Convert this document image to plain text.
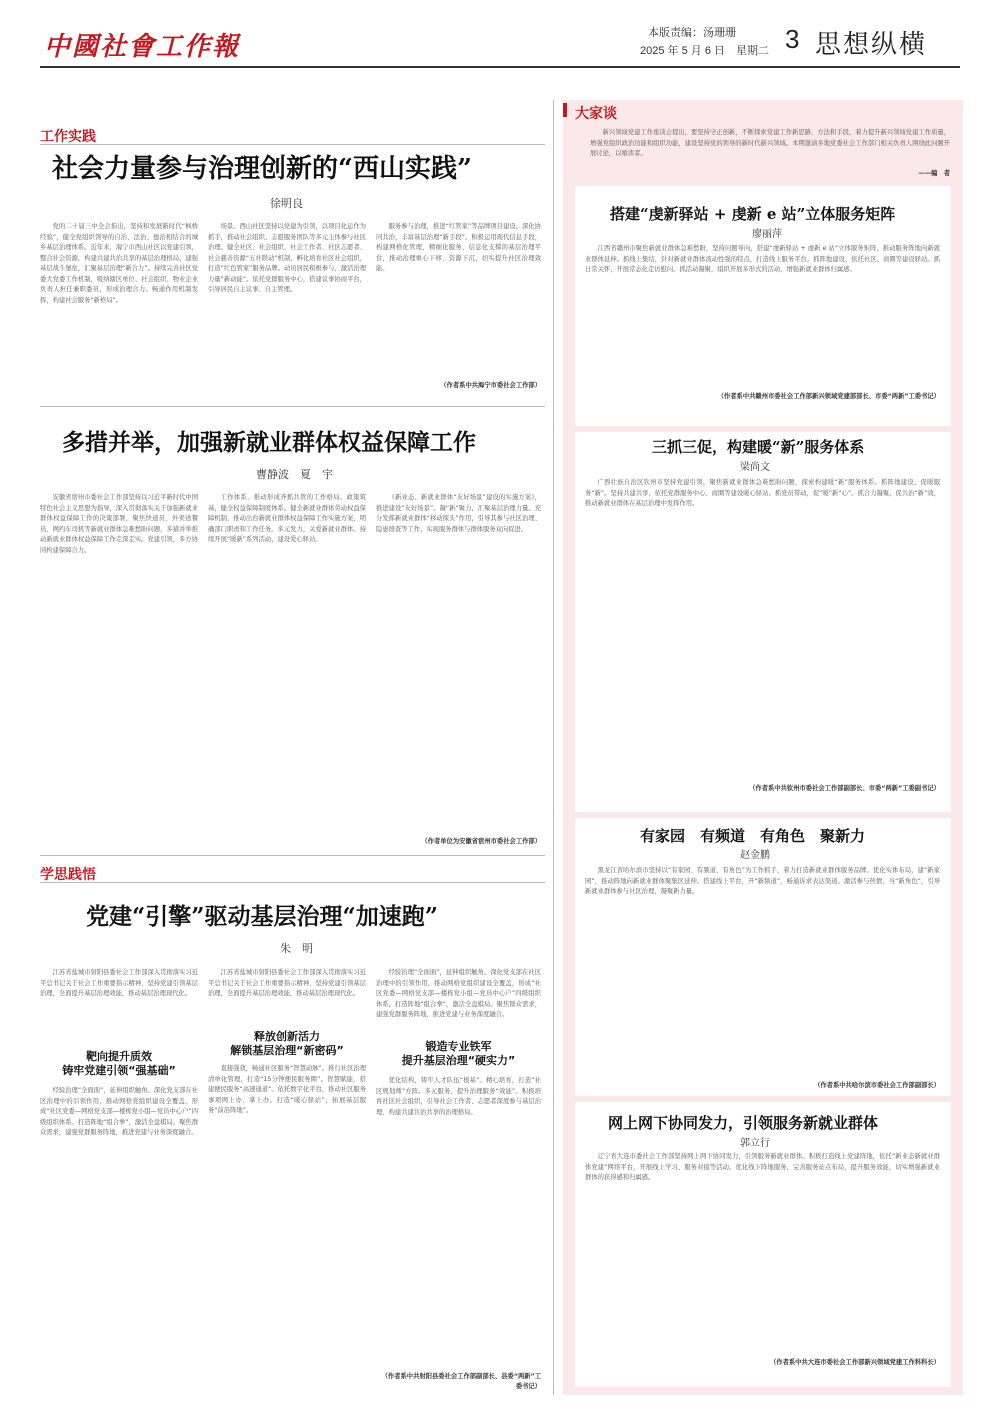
中國社會工作報	本版责编：汤珊珊
2025 年 5 月 6 日　星期二 3 思想纵横
工作实践
社会力量参与治理创新的“西山实践”
徐明良

党的二十届三中全会指出，坚持和发展新时代“枫桥经验”，健全党组织领导的自治、法治、德治相结合的城乡基层治理体系。近年来，海宁市西山社区以党建引领，整合社会资源，构建共建共治共享的基层治理格局。建强基层战斗堡垒，汇聚基层治理“新合力”。持续完善社区党委大党委工作机制，吸纳辖区单位、社会组织、物业企业负责人担任兼职委员，形成治理合力。畅通作用机制发挥，构建社会服务“新格局”。

场景。西山社区坚持以党建为引领，以项目化运作为抓手，推动社会组织、志愿服务团队等多元主体参与社区治理。健全社区、社会组织、社会工作者、社区志愿者、社会慈善资源“五社联动”机制，孵化培育社区社会组织，打造“红色管家”服务品牌。动员居民积极参与，激活治理力量“新动能”。依托党群服务中心，搭建议事协商平台，引导居民自主议事、自主管理。

服务参与治理，推进“红管家”等品牌项目建设。深化协同共治，丰富基层治理“新手段”。积极运用现代信息手段，构建网格化管理、精细化服务、信息化支撑的基层治理平台，推动治理重心下移、资源下沉，切实提升社区治理效能。

（作者系中共海宁市委社会工作部）
多措并举，加强新就业群体权益保障工作
曹静波　夏　宇

安徽省宿州市委社会工作部坚持以习近平新时代中国特色社会主义思想为指导，深入贯彻落实关于加强新就业群体权益保障工作的决策部署，聚焦快递员、外卖送餐员、网约车司机等新就业群体急难愁盼问题，多措并举推动新就业群体权益保障工作走深走实。党建引领，多方协同构建保障合力。

工作体系，推动形成齐抓共管的工作格局。政策筑基，健全权益保障制度体系。健全新就业群体劳动权益保障机制，推动出台新就业群体权益保障工作实施方案，明确部门职责和工作任务。多元发力，关爱新就业群体。持续开展“暖新”系列活动，建设爱心驿站。

《新业态、新就业群体“友好场景”建设的实施方案》，推进建设“友好场景”。凝“新”聚力，汇聚基层治理力量。充分发挥新就业群体“移动探头”作用，引导其参与社区治理、隐患排查等工作，实现服务群体与群体服务双向促进。

（作者单位为安徽省宿州市委社会工作部）
学思践悟
党建“引擎”驱动基层治理“加速跑”
朱　明

江苏省盐城市射阳县委社会工作部深入贯彻落实习近平总书记关于社会工作重要指示精神，坚持党建引领基层治理，全面提升基层治理效能，推动基层治理现代化。

靶向提升质效
铸牢党建引领“强基础”

经验治理“全面面”，延伸组织触角。深化党支部在社区治理中的引领作用，推动网格党组织建设全覆盖，形成“社区党委—网格党支部—楼栋党小组—党员中心户”四级组织体系。打造阵地“组合拳”，激活全盘棋局。聚焦群众需求，建强党群服务阵地，推进党建与业务深度融合。

江苏省盐城市射阳县委社会工作部深入贯彻落实习近平总书记关于社会工作重要指示精神，坚持党建引领基层治理，全面提升基层治理效能，推动基层治理现代化。

释放创新活力
解锁基层治理“新密码”

直接强效，畅通社区服务“智慧动脉”。推行社区治理清单化管理，打造“15分钟便民服务圈”。智慧赋能，搭建便民服务“高速通道”。依托数字化平台，推动社区服务事项网上办、掌上办。打造“暖心驿站”，拓展基层服务“前沿阵地”。

经验治理“全面面”，延伸组织触角。深化党支部在社区治理中的引领作用，推动网格党组织建设全覆盖，形成“社区党委—网格党支部—楼栋党小组—党员中心户”四级组织体系。打造阵地“组合拳”，激活全盘棋局。聚焦群众需求，建强党群服务阵地，推进党建与业务深度融合。

锻造专业铁军
提升基层治理“硬实力”

优化结构，铸牢人才队伍“根基”。精心培育，打造“社区规划师”方阵。多元服务，提升治理服务“效能”。积极培育社区社会组织，引导社会工作者、志愿者深度参与基层治理，构建共建共治共享的治理格局。

（作者系中共射阳县委社会工作部副部长、县委“两新”工委书记）
大家谈

新兴领域党建工作座谈会提出，要坚持守正创新，不断探索党建工作新思路、方法和手段，着力提升新兴领域党建工作质量，增强党组织政治功能和组织功能，建设坚持党的领导的新时代新兴领域。本期邀请多地党委社会工作部门相关负责人围绕此问题开展讨论，以飨读者。

——编　者
搭建“虔新驿站 + 虔新 e 站”立体服务矩阵
廖丽萍

江西省赣州市聚焦新就业群体急难愁盼，坚持问题导向，搭建“虔新驿站 + 虔新 e 站”立体服务矩阵，推动服务阵地向新就业群体延伸。抓线上集结，针对新就业群体流动性强的特点，打造线上服务平台。抓阵地建设，依托社区、商圈等建设驿站。抓日常关怀，开展常态化走访慰问。抓活动凝聚，组织开展多形式的活动，增强新就业群体归属感。

（作者系中共赣州市委社会工作部新兴领域党建部部长、市委“两新”工委书记）
三抓三促，构建暖“新”服务体系
梁尚文

广西壮族自治区钦州市坚持党建引领，聚焦新就业群体急难愁盼问题，探索构建暖“新”服务体系。抓阵地建设，促暖服务“新”。坚持共建共享，依托党群服务中心、商圈等建设暖心驿站。抓党员带动，促“暖”新“心”。抓合力凝聚，促共治“新”效，推动新就业群体在基层治理中发挥作用。

（作者系中共钦州市委社会工作部副部长、市委“两新”工委副书记）
有家园　有频道　有角色　聚新力
赵金鹏

黑龙江省哈尔滨市坚持以“有家园、有频道、有角色”为工作抓手，着力打造新就业群体服务品牌。优化实体布局，建“新家园”，推动阵地向新就业群体聚集区延伸。搭建线上平台，开“新频道”，畅通诉求表达渠道。激活参与热情，当“新角色”，引导新就业群体参与社区治理，凝聚新力量。

（作者系中共哈尔滨市委社会工作部副部长）
网上网下协同发力，引领服务新就业群体
郭立行

辽宁省大连市委社会工作部坚持网上网下协同发力，引领服务新就业群体。积极打造线上党建阵地，依托“新业态新就业群体党建”网络平台，开展线上学习、服务对接等活动。优化线下阵地服务，完善服务站点布局，提升服务效能，切实增强新就业群体的获得感和归属感。

（作者系中共大连市委社会工作部新兴领域党建工作科科长）
